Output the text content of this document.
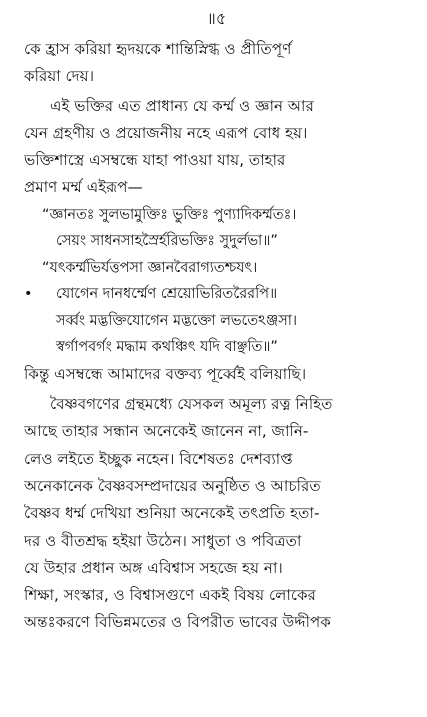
॥৫

কে হ্রাস করিয়া হৃদয়কে শান্তিস্নিগ্ধ ও প্রীতিপূর্ণ
করিয়া দেয়।

এই ভক্তির এত প্রাধান্য যে কর্ম্ম ও জ্ঞান আর
যেন গ্রহণীয় ও প্রয়োজনীয় নহে এরূপ বোধ হয়।
ভক্তিশাস্ত্রে এসম্বন্ধে যাহা পাওয়া যায়, তাহার
প্রমাণ মর্ম্ম এইরূপ—

“জ্ঞানতঃ সুলভামুক্তিঃ ভুক্তিঃ পুণ্যাদিকর্ম্মতঃ।
সেয়ং সাধনসাহস্রৈর্হরিভক্তিঃ সুদুর্লভা॥”
“যৎকর্ম্মভির্যত্তপসা জ্ঞানবৈরাগ্যতশ্চযৎ।
• যোগেন দানধর্ম্মেণ শ্রেয়োভিরিতরৈরপি॥
সর্ব্বং মদ্ভক্তিযোগেন মদ্ভক্তো লভতেঽঞ্জসা।
স্বর্গাপবর্গং মদ্ধাম কথঞ্চিৎ যদি বাঞ্ছতি॥”

কিন্তু এসম্বন্ধে আমাদের বক্তব্য পূর্ব্বেই বলিয়াছি।

বৈষ্ণবগণের গ্রন্থমধ্যে যেসকল অমূল্য রত্ন নিহিত
আছে তাহার সন্ধান অনেকেই জানেন না, জানি-
লেও লইতে ইচ্ছুক নহেন। বিশেষতঃ দেশব্যাপ্ত
অনেকানেক বৈষ্ণবসম্প্রদায়ের অনুষ্ঠিত ও আচরিত
বৈষ্ণব ধর্ম্ম দেখিয়া শুনিয়া অনেকেই তৎপ্রতি হতা-
দর ও বীতশ্রদ্ধ হইয়া উঠেন। সাধুতা ও পবিত্রতা
যে উহার প্রধান অঙ্গ এবিশ্বাস সহজে হয় না।
শিক্ষা, সংস্কার, ও বিশ্বাসগুণে একই বিষয় লোকের
অন্তঃকরণে বিভিন্নমতের ও বিপরীত ভাবের উদ্দীপক
